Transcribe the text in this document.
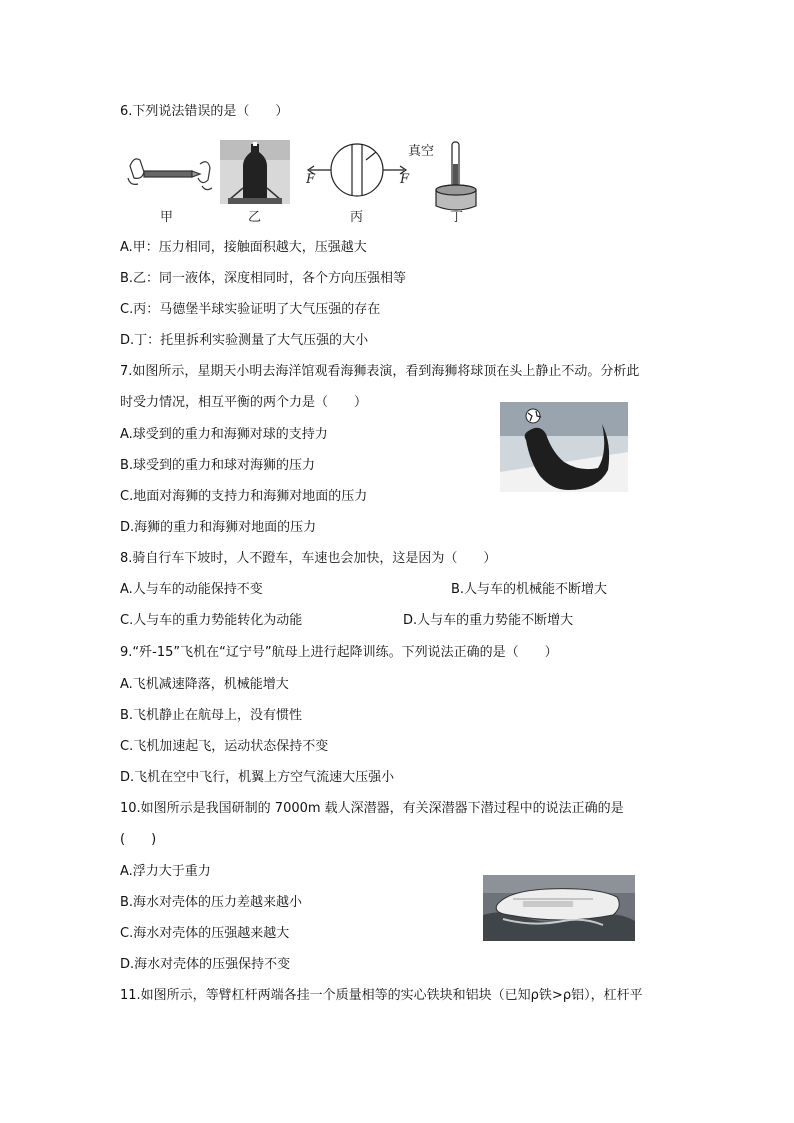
6.下列说法错误的是（　　）
真空
F	F
甲	乙	丙	丁
A.甲：压力相同，接触面积越大，压强越大
B.乙：同一液体，深度相同时，各个方向压强相等
C.丙：马德堡半球实验证明了大气压强的存在
D.丁：托里拆利实验测量了大气压强的大小
7.如图所示，星期天小明去海洋馆观看海狮表演，看到海狮将球顶在头上静止不动。分析此
时受力情况，相互平衡的两个力是（　　）
A.球受到的重力和海狮对球的支持力
B.球受到的重力和球对海狮的压力
C.地面对海狮的支持力和海狮对地面的压力
D.海狮的重力和海狮对地面的压力
8.骑自行车下坡时，人不蹬车，车速也会加快，这是因为（　　）
A.人与车的动能保持不变	B.人与车的机械能不断增大
C.人与车的重力势能转化为动能	D.人与车的重力势能不断增大
9.“歼-15”飞机在“辽宁号”航母上进行起降训练。下列说法正确的是（　　）
A.飞机减速降落，机械能增大
B.飞机静止在航母上，没有惯性
C.飞机加速起飞，运动状态保持不变
D.飞机在空中飞行，机翼上方空气流速大压强小
10.如图所示是我国研制的 7000m 载人深潜器，有关深潜器下潜过程中的说法正确的是
(　　)
A.浮力大于重力
B.海水对壳体的压力差越来越小
C.海水对壳体的压强越来越大
D.海水对壳体的压强保持不变
11.如图所示，等臂杠杆两端各挂一个质量相等的实心铁块和铝块（已知ρ铁>ρ铝），杠杆平
